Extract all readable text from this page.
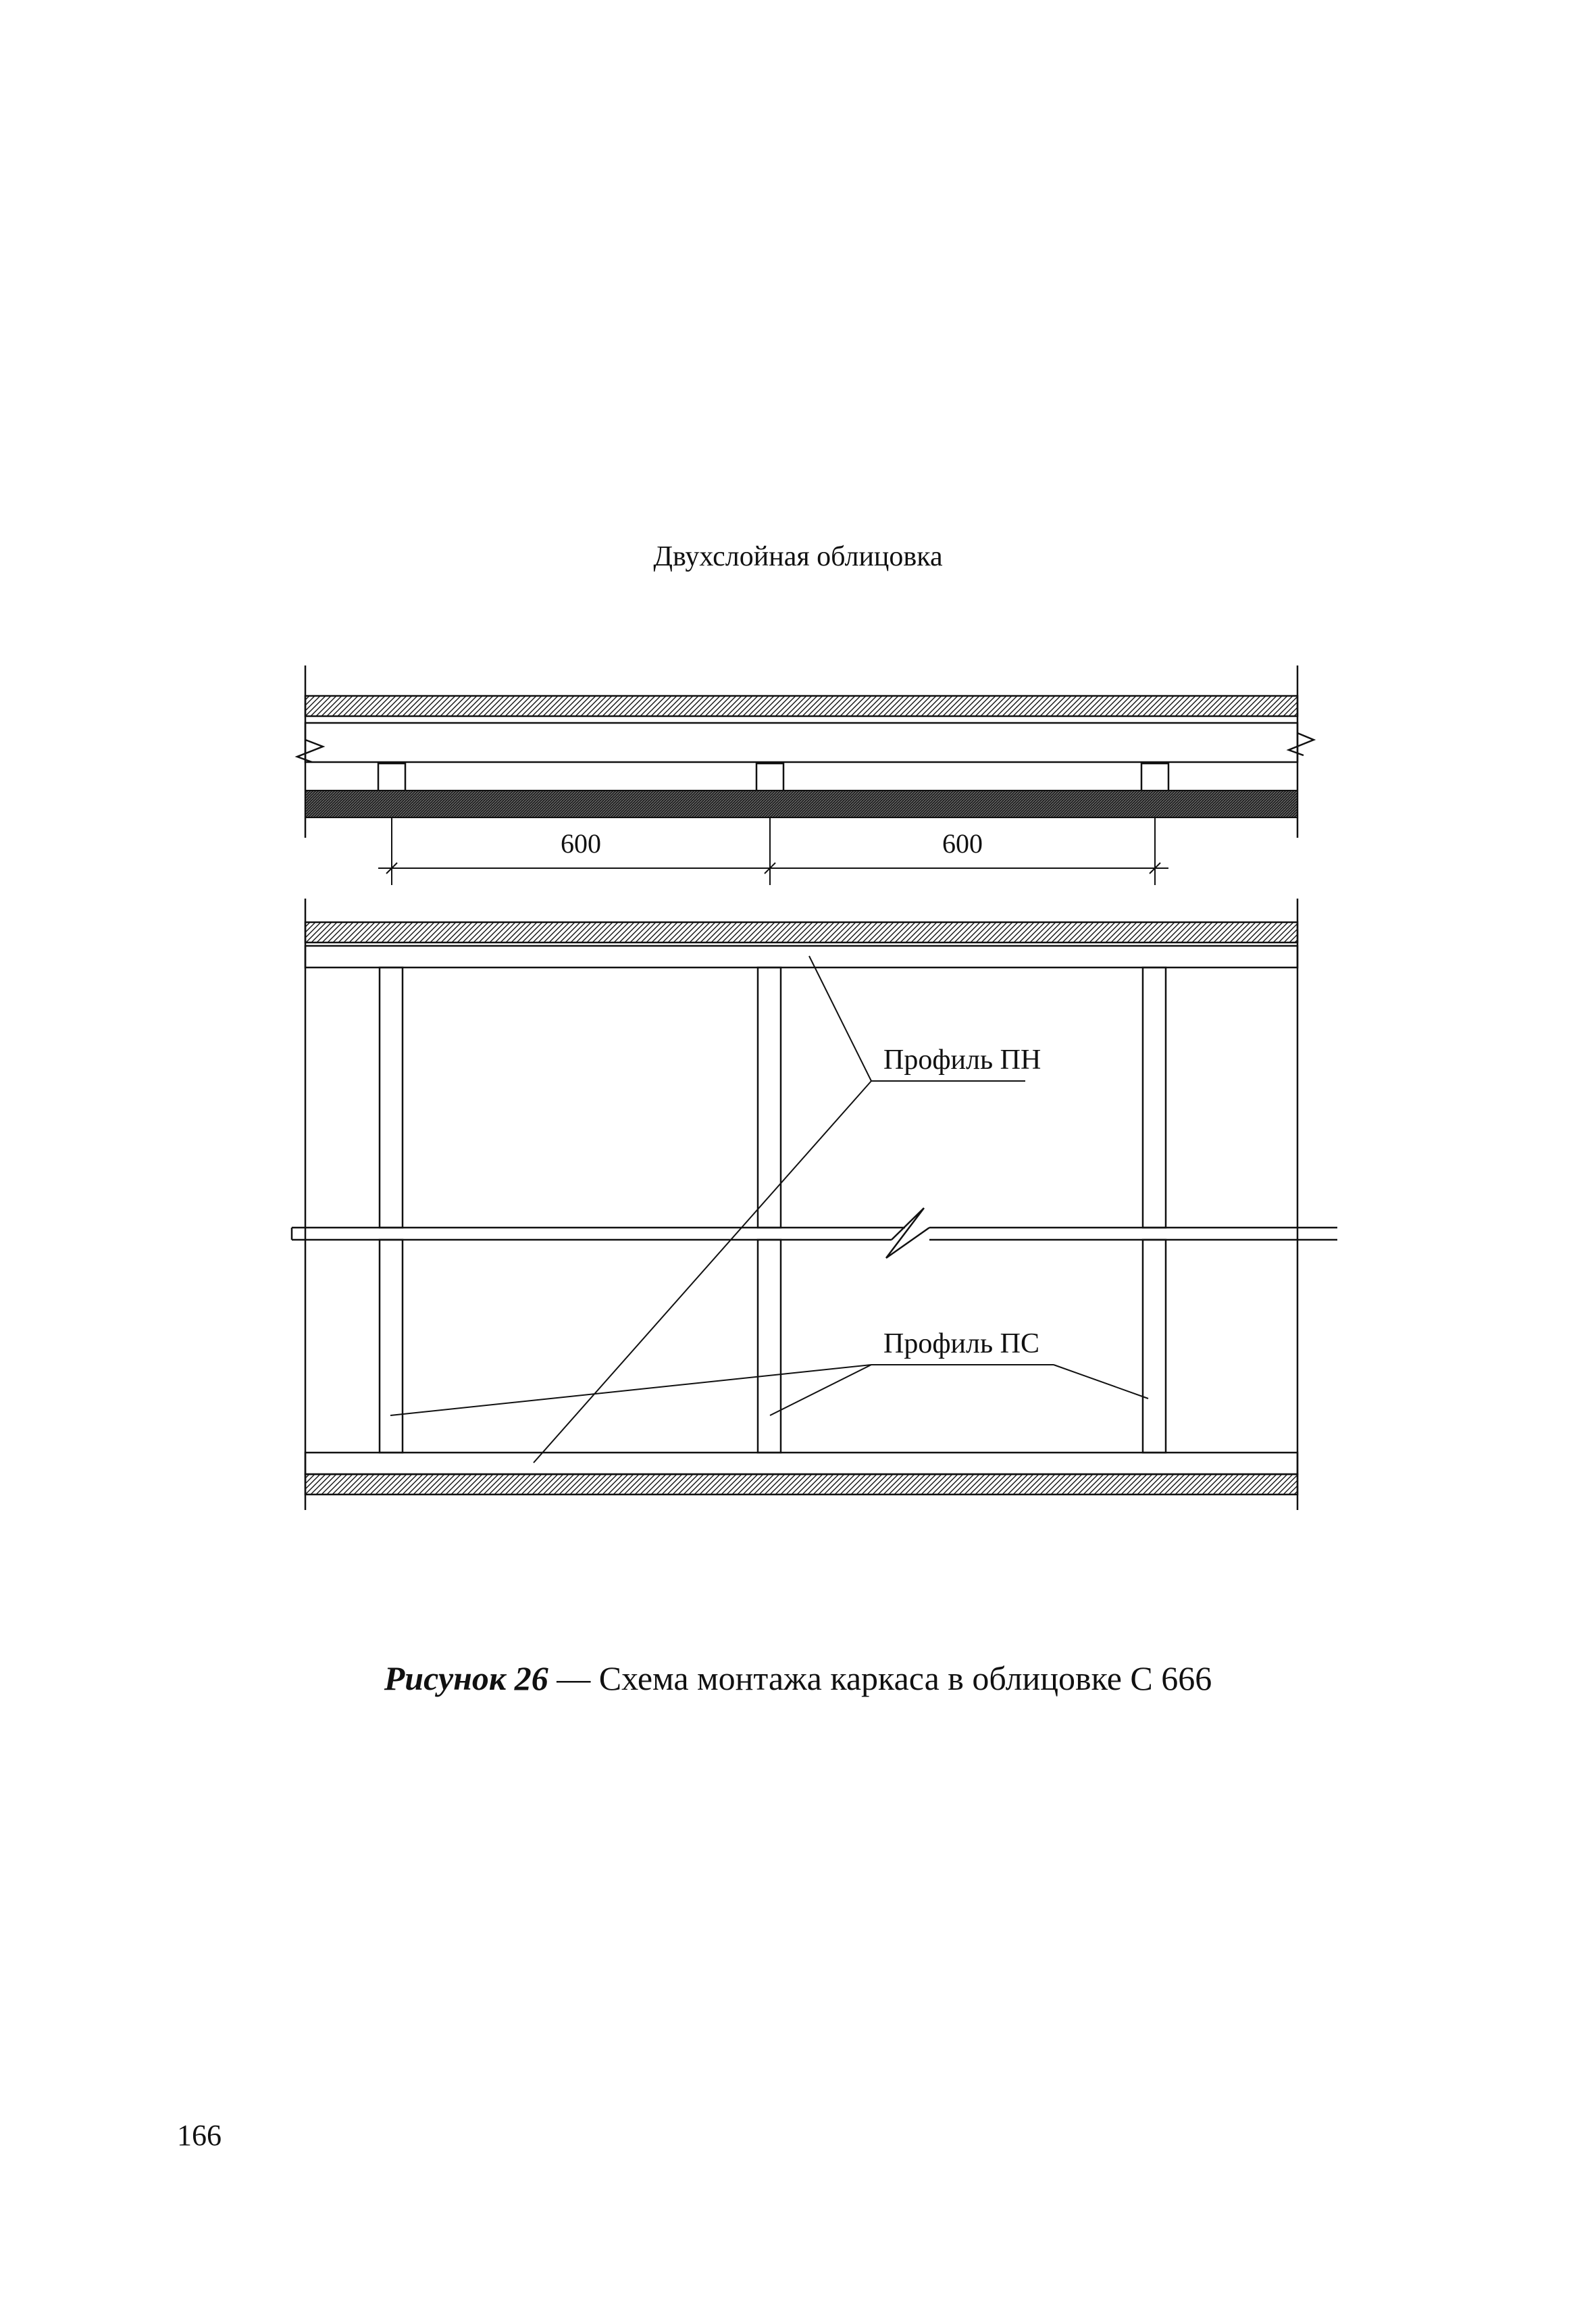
Двухслойная облицовка
600	600
Профиль ПН
Профиль ПС
Рисунок 26 — Схема монтажа каркаса в облицовке С 666
166
